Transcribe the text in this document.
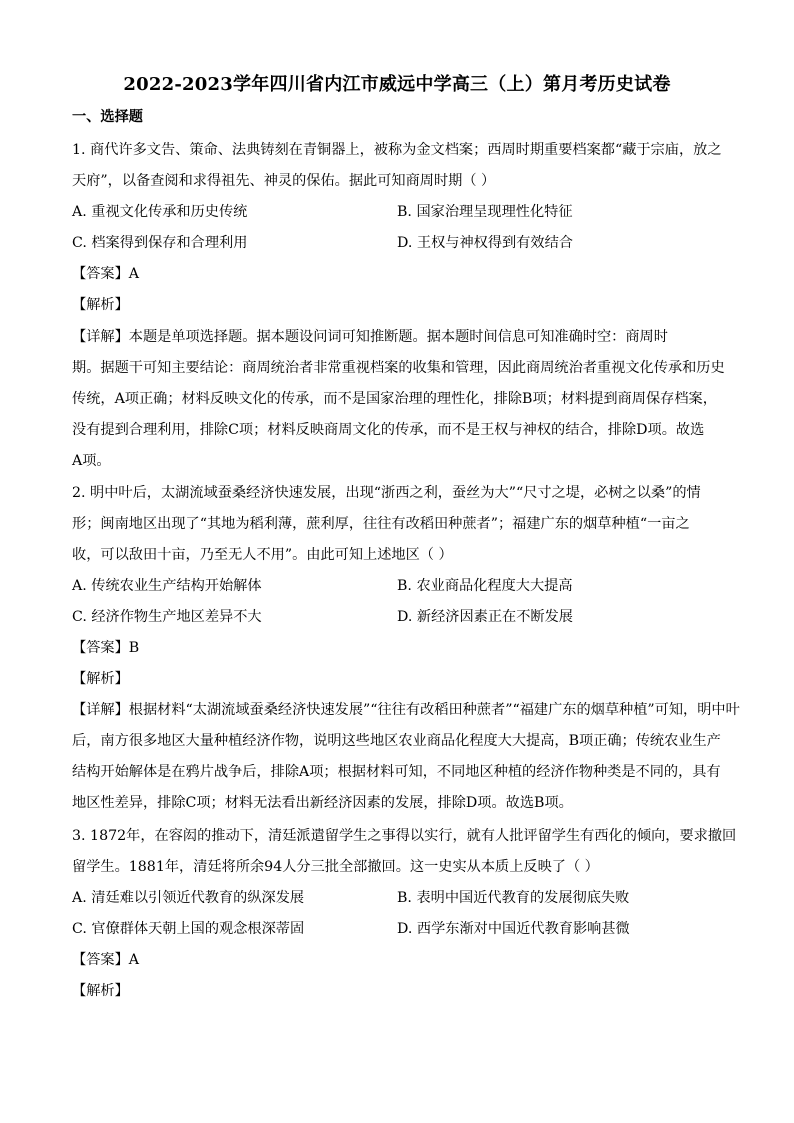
2022-2023学年四川省内江市威远中学高三（上）第月考历史试卷
一、选择题
1. 商代许多文告、策命、法典铸刻在青铜器上，被称为金文档案；西周时期重要档案都“藏于宗庙，放之
天府”，以备查阅和求得祖先、神灵的保佑。据此可知商周时期（ ）
A. 重视文化传承和历史传统	B. 国家治理呈现理性化特征
C. 档案得到保存和合理利用	D. 王权与神权得到有效结合
【答案】A
【解析】
【详解】本题是单项选择题。据本题设问词可知推断题。据本题时间信息可知准确时空：商周时
期。据题干可知主要结论：商周统治者非常重视档案的收集和管理，因此商周统治者重视文化传承和历史
传统，A项正确；材料反映文化的传承，而不是国家治理的理性化，排除B项；材料提到商周保存档案，
没有提到合理利用，排除C项；材料反映商周文化的传承，而不是王权与神权的结合，排除D项。故选
A项。
2. 明中叶后，太湖流域蚕桑经济快速发展，出现“浙西之利，蚕丝为大”“尺寸之堤，必树之以桑”的情
形；闽南地区出现了“其地为稻利薄，蔗利厚，往往有改稻田种蔗者”；福建广东的烟草种植“一亩之
收，可以敌田十亩，乃至无人不用”。由此可知上述地区（ ）
A. 传统农业生产结构开始解体	B. 农业商品化程度大大提高
C. 经济作物生产地区差异不大	D. 新经济因素正在不断发展
【答案】B
【解析】
【详解】根据材料“太湖流域蚕桑经济快速发展”“往往有改稻田种蔗者”“福建广东的烟草种植”可知，明中叶
后，南方很多地区大量种植经济作物，说明这些地区农业商品化程度大大提高，B项正确；传统农业生产
结构开始解体是在鸦片战争后，排除A项；根据材料可知，不同地区种植的经济作物种类是不同的，具有
地区性差异，排除C项；材料无法看出新经济因素的发展，排除D项。故选B项。
3. 1872年，在容闳的推动下，清廷派遣留学生之事得以实行，就有人批评留学生有西化的倾向，要求撤回
留学生。1881年，清廷将所余94人分三批全部撤回。这一史实从本质上反映了（ ）
A. 清廷难以引领近代教育的纵深发展	B. 表明中国近代教育的发展彻底失败
C. 官僚群体天朝上国的观念根深蒂固	D. 西学东渐对中国近代教育影响甚微
【答案】A
【解析】
